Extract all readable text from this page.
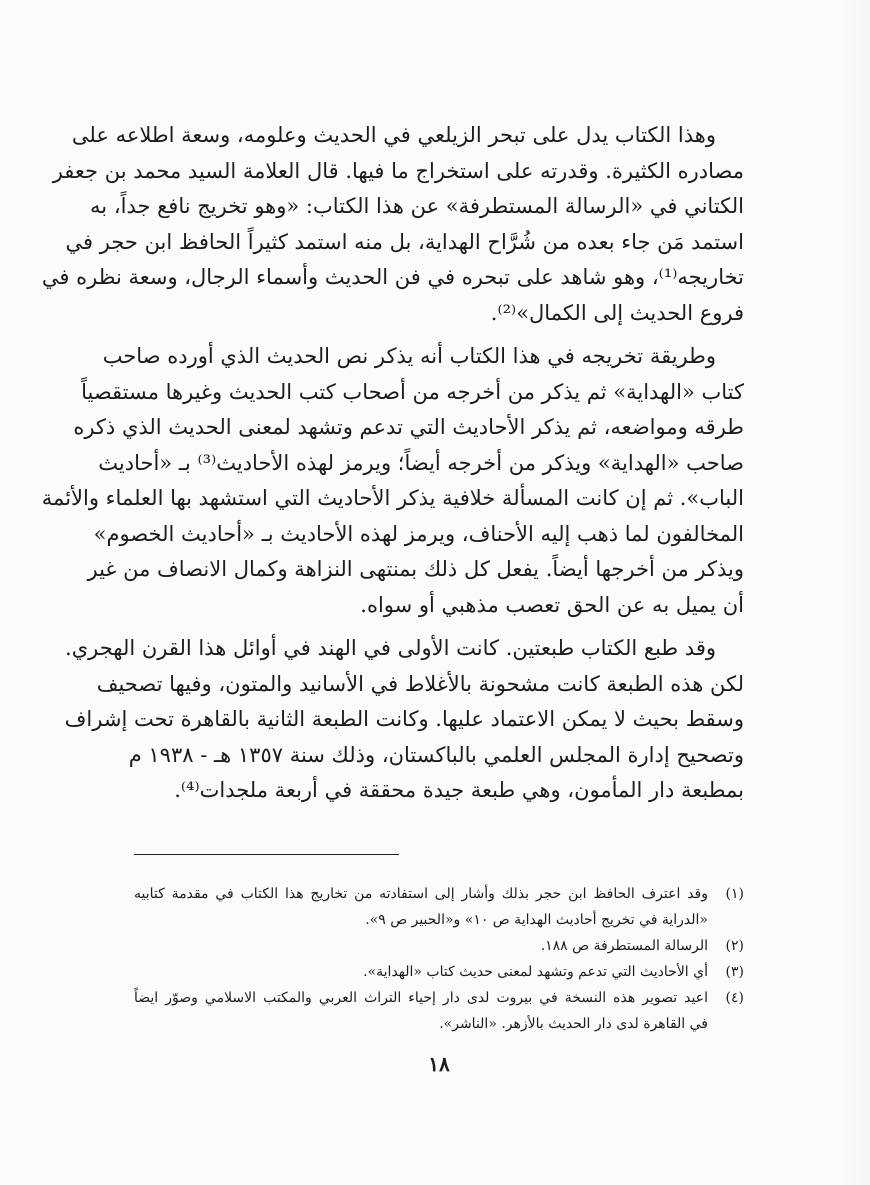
وهذا الكتاب يدل على تبحر الزيلعي في الحديث وعلومه، وسعة اطلاعه على
مصادره الكثيرة. وقدرته على استخراج ما فيها. قال العلامة السيد محمد بن جعفر
الكتاني في «الرسالة المستطرفة» عن هذا الكتاب: «وهو تخريج نافع جداً، به
استمد مَن جاء بعده من شُرَّاح الهداية، بل منه استمد كثيراً الحافظ ابن حجر في
تخاريجه⁽¹⁾، وهو شاهد على تبحره في فن الحديث وأسماء الرجال، وسعة نظره في
فروع الحديث إلى الكمال»⁽²⁾.
وطريقة تخريجه في هذا الكتاب أنه يذكر نص الحديث الذي أورده صاحب
كتاب «الهداية» ثم يذكر من أخرجه من أصحاب كتب الحديث وغيرها مستقصياً
طرقه ومواضعه، ثم يذكر الأحاديث التي تدعم وتشهد لمعنى الحديث الذي ذكره
صاحب «الهداية» ويذكر من أخرجه أيضاً؛ ويرمز لهذه الأحاديث⁽³⁾ بـ «أحاديث
الباب». ثم إن كانت المسألة خلافية يذكر الأحاديث التي استشهد بها العلماء والأئمة
المخالفون لما ذهب إليه الأحناف، ويرمز لهذه الأحاديث بـ «أحاديث الخصوم»
ويذكر من أخرجها أيضاً. يفعل كل ذلك بمنتهى النزاهة وكمال الانصاف من غير
أن يميل به عن الحق تعصب مذهبي أو سواه.
وقد طبع الكتاب طبعتين. كانت الأولى في الهند في أوائل هذا القرن الهجري.
لكن هذه الطبعة كانت مشحونة بالأغلاط في الأسانيد والمتون، وفيها تصحيف
وسقط بحيث لا يمكن الاعتماد عليها. وكانت الطبعة الثانية بالقاهرة تحت إشراف
وتصحيح إدارة المجلس العلمي بالباكستان، وذلك سنة ١٣٥٧ هـ - ١٩٣٨ م
بمطبعة دار المأمون، وهي طبعة جيدة محققة في أربعة ملجدات⁽⁴⁾.
(١)
وقد اعترف الحافظ ابن حجر بذلك وأشار إلى استفادته من تخاريج هذا الكتاب في مقدمة كتابيه
«الدراية في تخريج أحاديث الهداية ص ١٠» و«الحبير ص ٩».
(٢)
الرسالة المستطرفة ص ١٨٨.
(٣)
أي الأحاديث التي تدعم وتشهد لمعنى حديث كتاب «الهداية».
(٤)
اعيد تصوير هذه النسخة في بيروت لدى دار إحياء التراث العربي والمكتب الاسلامي وصوّر ايضاً
في القاهرة لدى دار الحديث بالأزهر. «الناشر».
١٨
